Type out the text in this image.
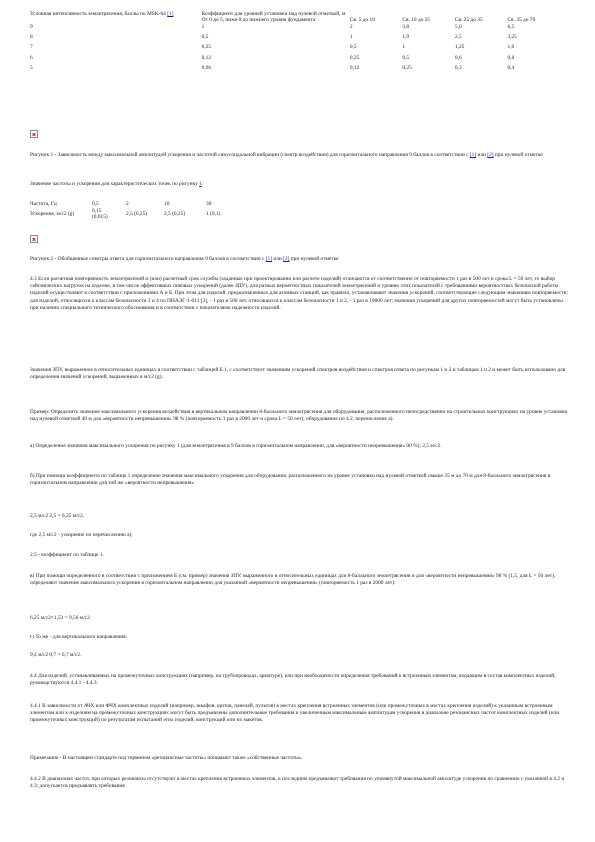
Условная интенсивность землетрясения, баллы по MSK-64 [1]	Коэффициент для уровней установки над нулевой отметкой, м				
	От 0 до 5, ниже 0 до нижнего уровня фундамента	Св. 5 до 10	Св. 10 до 25	Св. 25 до 35	Св. 35 до 70
9	1	2	3,8	5,0	6,5
8	0,5	1	1,9	2,5	3,25
7	0,25	0,5	1	1,25	1,6
6	0,12	0,25	0,5	0,6	0,8
5	0,06	0,12	0,25	0,3	0,4

Рисунок 1 - Зависимость между максимальной амплитудой ускорения и частотой синусоидальной вибрации (спектр воздействия) для горизонтального направления 9 баллов в соответствии с [1] или [2] при нулевой отметке

Значение частоты и ускорения для характеристических точек по рисунку 1:

Частота, Гц	0,5	2	10	30
Ускорение, м/с2 (g)	0,15 (0,015)	2,5 (0,25)	2,5 (0,25)	1 (0,1)

Рисунок 2 - Обобщенные спектры ответа для горизонтального направления 9 баллов в соответствии с [1] или [2] при нулевой отметке

4.3 Если расчетная повторяемость землетрясений и (или) расчетный срок службы (заданные при проектировании или расчете изделий) отличаются от соответственно от повторяемости 1 раз в 500 лет и срока L = 50 лет, то выбор сейсмических нагрузок на изделие, в том числе эффективных пиковых ускорений (далее ЗПУ), для разных вероятностных показателей землетрясений и уровню этих показателей с требованиями вероятностных безопасной работы изделий осуществляют в соответствии с приложениями А и Б. При этом для изделий, предназначенных для атомных станций, как правило, устанавливают значения ускорений, соответствующие следующим значениям повторяемости: для изделий, относящихся к классам безопасности 3 и 4 по ПНАЭГ-1-011 [3], - 1 раз в 500 лет, относящихся к классам безопасности 1 и 2, - 1 раз в 10000 лет; значения ускорений для других повторяемостей могут быть установлены при наличии специального технического обоснования и в соответствии с показателями надежности изделий.

Значения ЗПУ, выраженное в относительных единицах в соответствии с таблицей Б.1, с соответствует значениям ускорений спектров воздействия и спектров ответа по рисункам 1 и 2 и таблицам 1 и 2 и может быть использовано для определения значений ускорений, выраженных в м/с2 (g).

Пример: Определить значение максимального ускорения воздействия в вертикальном направлении 8-балльного землетрясения для оборудования, расположенного непосредственно на строительных конструкциях на уровне установки над нулевой отметкой 40 м для «вероятности непревышения» 98 % (повторяемость 1 раз в 2000 лет и срока L = 50 лет); оборудование по 4.2, перечисление а).

а) Определение значения максимального ускорения по рисунку 1 (для землетрясения в 9 баллов в горизонтальном направлении, для «вероятности непревышения» 90 %); 2,5 м/с2.

б) При помощи коэффициента по таблице 1 определение значения максимального ускорения для оборудования, расположенного на уровне установки над нулевой отметкой свыше 35 м до 70 м для 8-балльного землетрясения в горизонтальном направлении для той же «вероятности непревышения»

2,5 м/с2 2,5 = 6,25 м/с2,

где 2,5 м/с2 - ускорение по перечислению а);

2,5 - коэффициент по таблице 1.

в) При помощи определенного в соответствии с приложением Б (см. пример) значения ЗПУ, выраженного в относительных единицах для 8-балльного землетрясения и для «вероятности непревышения» 98 % (1,5, для L = 50 лет), определяют значение максимального ускорения в горизонтальном направлении для указанной «вероятности непревышения» (повторяемость 1 раз в 2000 лет):

6,25 м/с2×1,53 = 9,56 м/с2.

г) То же - для вертикального направления:

9,4 м/с2 0,7 = 6,7 м/с2.

4.4 Для изделий, устанавливаемых на промежуточных конструкциях (например, на трубопроводах, арматуре), или при необходимости определения требований к встроенным элементам, входящим в состав комплектных изделий, руководствуются 4.4.1 - 4.4.3.

4.4.1 В зависимости от АЧХ или ФЧХ комплектных изделий (например, шкафов, щитов, панелей, пультов) в местах крепления встроенных элементов (или промежуточных в местах крепления изделий) к указанным встроенным элементам или к изделиям на промежуточных конструкциях могут быть предъявлены дополнительные требования к увеличенным максимальным амплитудам ускорения в диапазоне резонансных частот комплектных изделий (или промежуточных конструкций) по результатам испытаний этих изделий, конструкций или их макетов.

Примечание - В настоящем стандарте под термином «резонансные частоты» понимают также «собственные частоты».

4.4.2 В диапазонах частот, при которых резонансы отсутствуют в местах крепления встроенных элементов, к последним предъявляют требования по упомянутой максимальной амплитуде ускорения по сравнению с указанной в 4.2 и 4.3; допускается предъявлять требования
